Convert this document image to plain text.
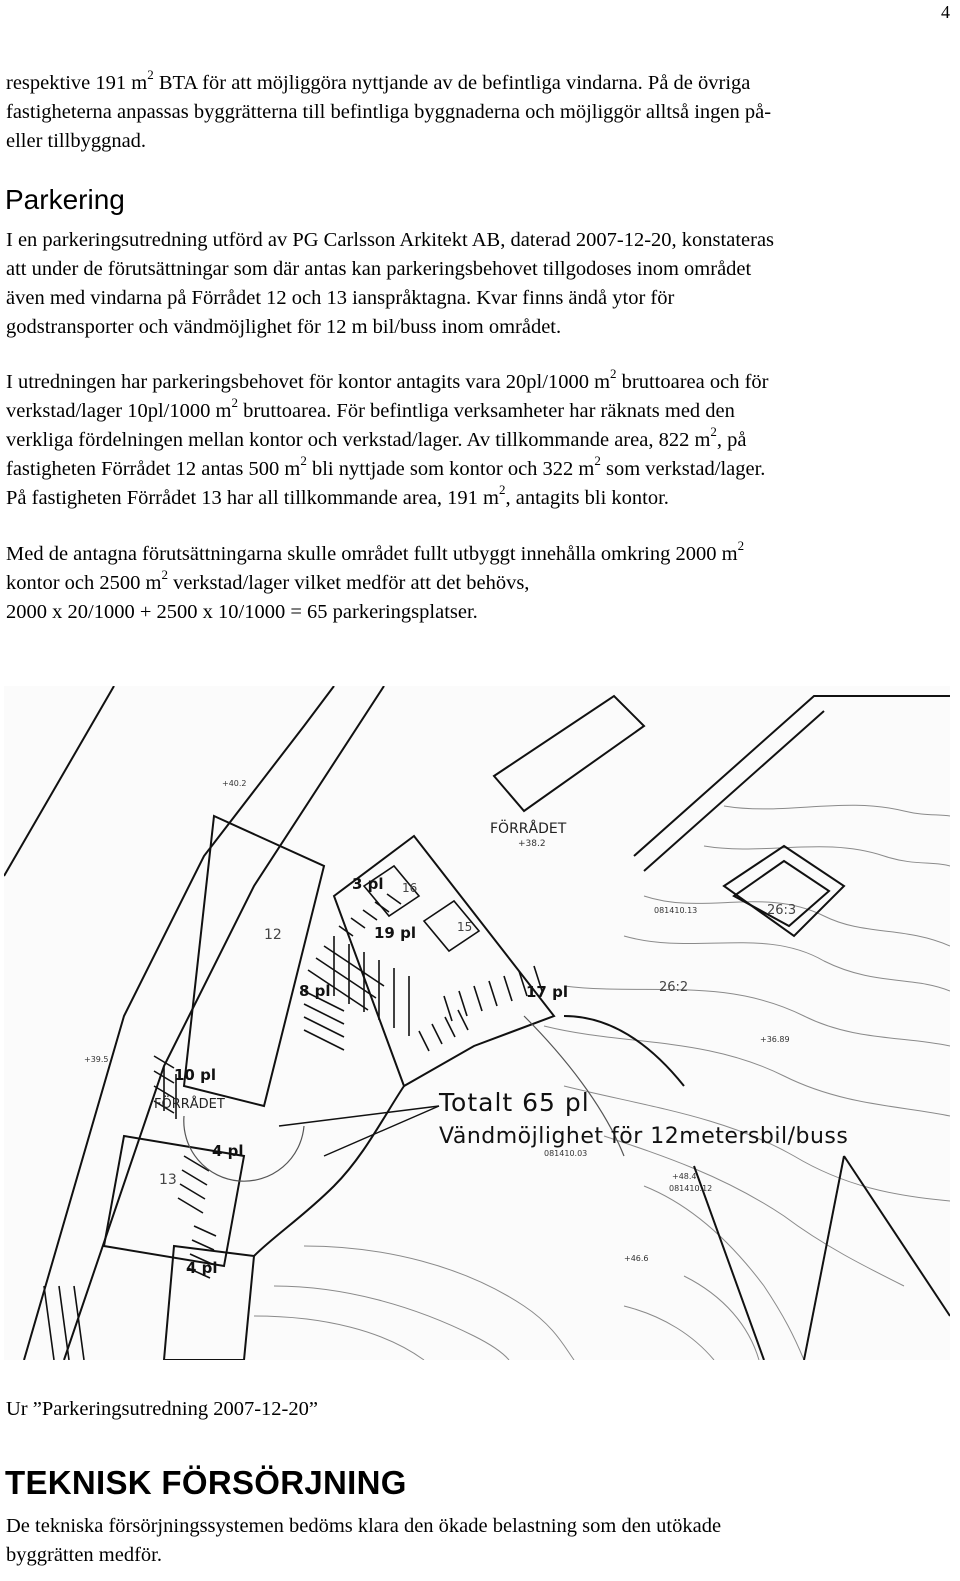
4

respektive 191 $m^2$ BTA för att möjliggöra nyttjande av de befintliga vindarna. På de övriga
fastigheterna anpassas byggrätterna till befintliga byggnaderna och möjliggör alltså ingen på-
eller tillbyggnad.

Parkering

I en parkeringsutredning utförd av PG Carlsson Arkitekt AB, daterad 2007-12-20, konstateras
att under de förutsättningar som där antas kan parkeringsbehovet tillgodoses inom området
även med vindarna på Förrådet 12 och 13 ianspråktagna. Kvar finns ändå ytor för
godstransporter och vändmöjlighet för 12 m bil/buss inom området.

I utredningen har parkeringsbehovet för kontor antagits vara 20pl/1000 $m^2$ bruttoarea och för
verkstad/lager 10pl/1000 $m^2$ bruttoarea. För befintliga verksamheter har räknats med den
verkliga fördelningen mellan kontor och verkstad/lager. Av tillkommande area, 822 $m^2$, på
fastigheten Förrådet 12 antas 500 $m^2$ bli nyttjade som kontor och 322 $m^2$ som verkstad/lager.
På fastigheten Förrådet 13 har all tillkommande area, 191 $m^2$, antagits bli kontor.

Med de antagna förutsättningarna skulle området fullt utbyggt innehålla omkring 2000 $m^2$
kontor och 2500 $m^2$ verkstad/lager vilket medför att det behövs,
2000 x 20/1000 + 2500 x 10/1000 = 65 parkeringsplatser.

FÖRRÅDET
+38.2
3 pl
19 pl
8 pl	17 pl
10 pl
FÖRRÅDET
4 pl
4 pl
12
13
16
15
26:3
26:2
Totalt 65 pl
Vändmöjlighet för 12metersbil/buss
081410.13
081410.12
+48.4
081410.03
+46.6
+36.89
+39.5
+40.2
Ur ”Parkeringsutredning 2007-12-20”
TEKNISK FÖRSÖRJNING

De tekniska försörjningssystemen bedöms klara den ökade belastning som den utökade
byggrätten medför.
